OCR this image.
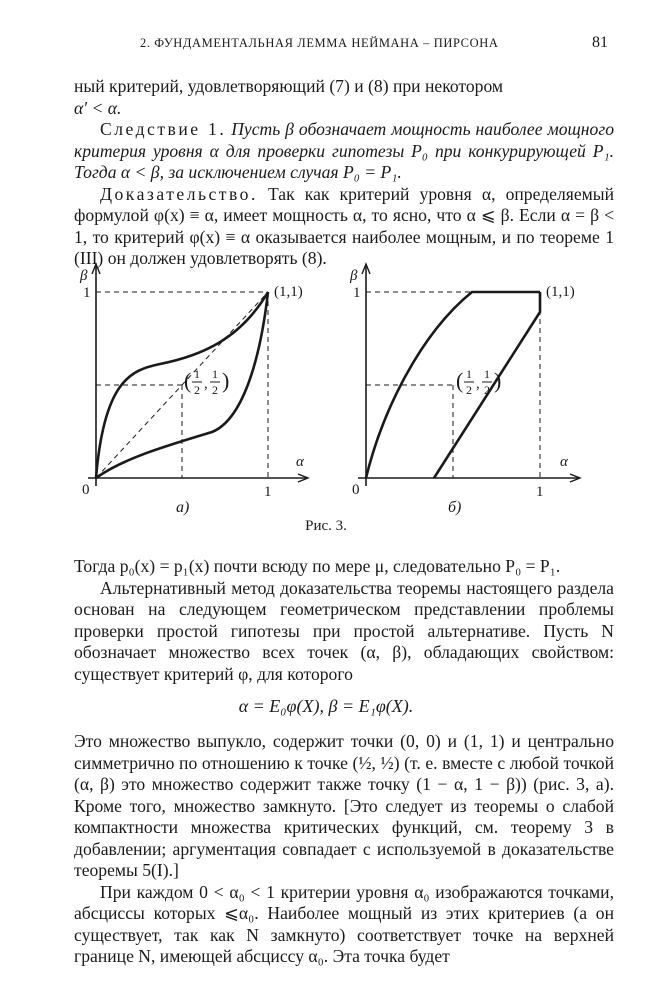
2. ФУНДАМЕНТАЛЬНАЯ ЛЕММА НЕЙМАНА – ПИРСОНА	81

ный критерий, удовлетворяющий (7) и (8) при некотором
α′ < α.

Следствие 1. Пусть β обозначает мощность наиболее мощного критерия уровня α для проверки гипотезы P₀ при конкурирующей P₁. Тогда α < β, за исключением случая P₀ = P₁.

Доказательство. Так как критерий уровня α, определяемый формулой φ(x) ≡ α, имеет мощность α, то ясно, что α ⩽ β. Если α = β < 1, то критерий φ(x) ≡ α оказывается наиболее мощным, и по теореме 1 (III) он должен удовлетворять (8).

β
α
0
1
1
(1,1)
( 1
2 ,
1
2 )
а)
β
α
0
1
1
(1,1)
( 1
2 ,
1
2 )
б)
Рис. 3.

Тогда p₀(x) = p₁(x) почти всюду по мере μ, следовательно P₀ = P₁.

Альтернативный метод доказательства теоремы настоящего раздела основан на следующем геометрическом представлении проблемы проверки простой гипотезы при простой альтернативе. Пусть N обозначает множество всех точек (α, β), обладающих свойством: существует критерий φ, для которого

α = E₀φ(X), β = E₁φ(X).

Это множество выпукло, содержит точки (0, 0) и (1, 1) и центрально симметрично по отношению к точке (½, ½) (т. е. вместе с любой точкой (α, β) это множество содержит также точку (1 − α, 1 − β)) (рис. 3, а). Кроме того, множество замкнуто. [Это следует из теоремы о слабой компактности множества критических функций, см. теорему 3 в добавлении; аргументация совпадает с используемой в доказательстве теоремы 5(I).]

При каждом 0 < α₀ < 1 критерии уровня α₀ изображаются точками, абсциссы которых ⩽α₀. Наиболее мощный из этих критериев (а он существует, так как N замкнуто) соответствует точке на верхней границе N, имеющей абсциссу α₀. Эта точка будет
